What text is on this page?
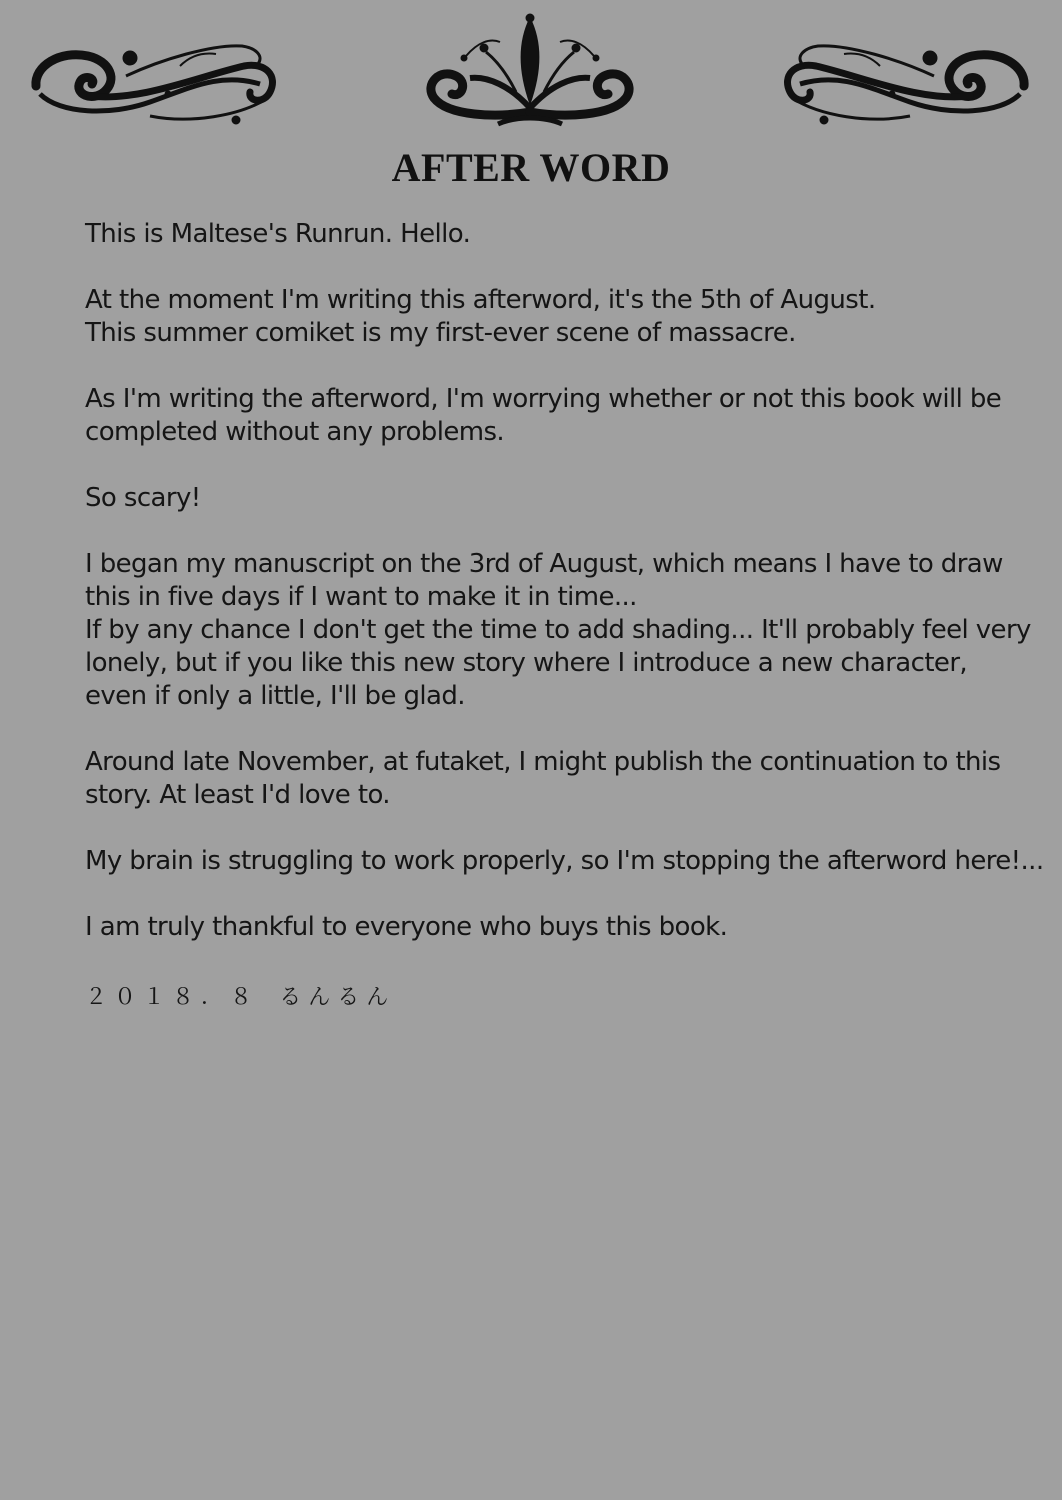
AFTER WORD

This is Maltese's Runrun. Hello.

At the moment I'm writing this afterword, it's the 5th of August.
This summer comiket is my first-ever scene of massacre.

As I'm writing the afterword, I'm worrying whether or not this book will be
completed without any problems.

So scary!

I began my manuscript on the 3rd of August, which means I have to draw
this in five days if I want to make it in time...
If by any chance I don't get the time to add shading... It'll probably feel very
lonely, but if you like this new story where I introduce a new character,
even if only a little, I'll be glad.

Around late November, at futaket, I might publish the continuation to this
story. At least I'd love to.

My brain is struggling to work properly, so I'm stopping the afterword here!...

I am truly thankful to everyone who buys this book.

２０１８．８ るんるん
